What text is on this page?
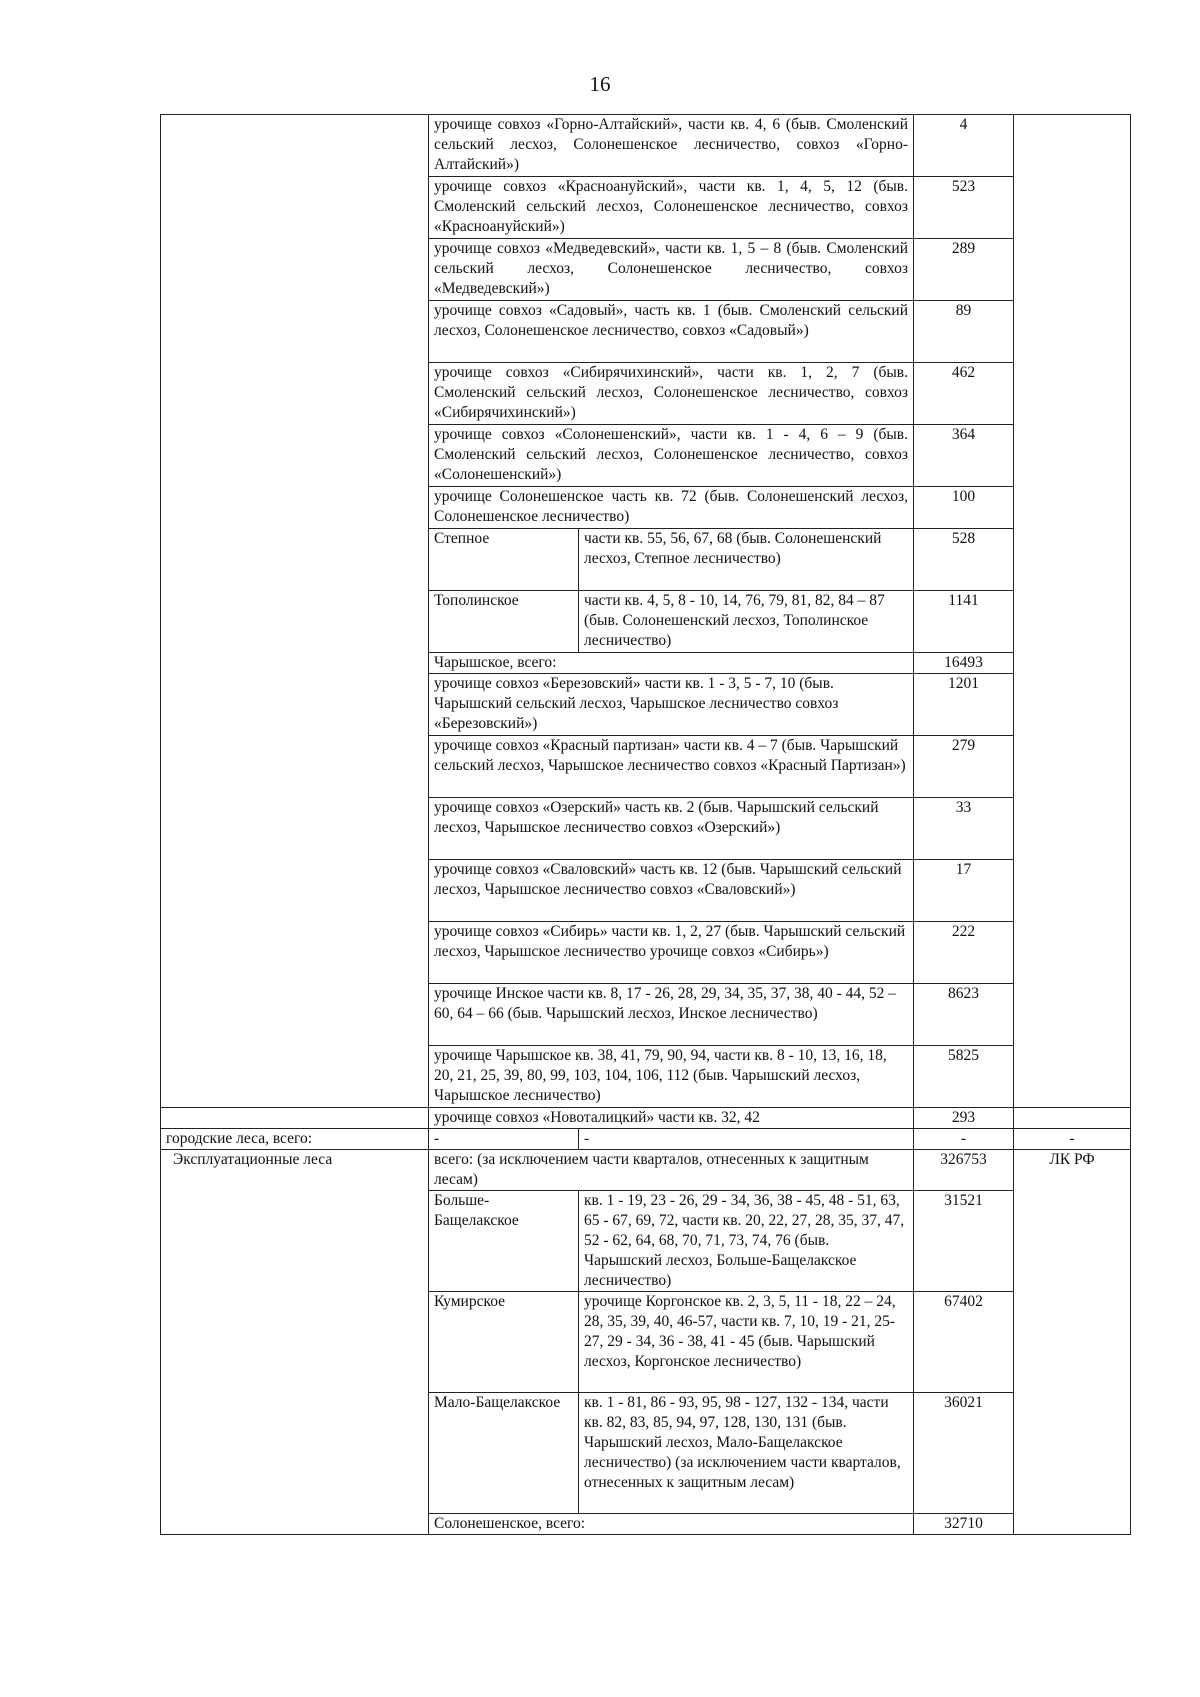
16
	урочище совхоз «Горно-Алтайский», части кв. 4, 6 (быв. Смоленский сельский лесхоз, Солонешенское лесничество, совхоз «Горно-Алтайский»)		4	
	урочище совхоз «Красноануйский», части кв. 1, 4, 5, 12 (быв. Смоленский сельский лесхоз, Солонешенское лесничество, совхоз «Красноануйский»)		523	
	урочище совхоз «Медведевский», части кв. 1, 5 – 8 (быв. Смоленский сельский лесхоз, Солонешенское лесничество, совхоз «Медведевский»)		289	
	урочище совхоз «Садовый», часть кв. 1 (быв. Смоленский сельский лесхоз, Солонешенское лесничество, совхоз «Садовый»)		89	
	урочище совхоз «Сибирячихинский», части кв. 1, 2, 7 (быв. Смоленский сельский лесхоз, Солонешенское лесничество, совхоз «Сибирячихинский»)		462	
	урочище совхоз «Солонешенский», части кв. 1 - 4, 6 – 9 (быв. Смоленский сельский лесхоз, Солонешенское лесничество, совхоз «Солонешенский»)		364	
	урочище Солонешенское часть кв. 72 (быв. Солонешенский лесхоз, Солонешенское лесничество)		100	
	Степное	части кв. 55, 56, 67, 68 (быв. Солонешенский лесхоз, Степное лесничество)	528	
	Тополинское	части кв. 4, 5, 8 - 10, 14, 76, 79, 81, 82, 84 – 87 (быв. Солонешенский лесхоз, Тополинское лесничество)	1141	
	Чарышское, всего:		16493	
	урочище совхоз «Березовский» части кв. 1 - 3, 5 - 7, 10 (быв. Чарышский сельский лесхоз, Чарышское лесничество совхоз «Березовский»)		1201	
	урочище совхоз «Красный партизан» части кв. 4 – 7 (быв. Чарышский сельский лесхоз, Чарышское лесничество совхоз «Красный Партизан»)		279	
	урочище совхоз «Озерский» часть кв. 2 (быв. Чарышский сельский лесхоз, Чарышское лесничество совхоз «Озерский»)		33	
	урочище совхоз «Сваловский» часть кв. 12 (быв. Чарышский сельский лесхоз, Чарышское лесничество совхоз «Сваловский»)		17	
	урочище совхоз «Сибирь» части кв. 1, 2, 27 (быв. Чарышский сельский лесхоз, Чарышское лесничество урочище совхоз «Сибирь»)		222	
	урочище Инское части кв. 8, 17 - 26, 28, 29, 34, 35, 37, 38, 40 - 44, 52 – 60, 64 – 66 (быв. Чарышский лесхоз, Инское лесничество)		8623	
	урочище Чарышское кв. 38, 41, 79, 90, 94, части кв. 8 - 10, 13, 16, 18, 20, 21, 25, 39, 80, 99, 103, 104, 106, 112 (быв. Чарышский лесхоз, Чарышское лесничество)		5825	
	урочище совхоз «Новоталицкий» части кв. 32, 42		293	
городские леса, всего:	-	-	-	-
Эксплуатационные леса	всего: (за исключением части кварталов, отнесенных к защитным лесам)		326753	ЛК РФ
	Больше-Бащелакское	кв. 1 - 19, 23 - 26, 29 - 34, 36, 38 - 45, 48 - 51, 63, 65 - 67, 69, 72, части кв. 20, 22, 27, 28, 35, 37, 47, 52 - 62, 64, 68, 70, 71, 73, 74, 76 (быв. Чарышский лесхоз, Больше-Бащелакское лесничество)	31521	
	Кумирское	урочище Коргонское кв. 2, 3, 5, 11 - 18, 22 – 24, 28, 35, 39, 40, 46-57, части кв. 7, 10, 19 - 21, 25-27, 29 - 34, 36 - 38, 41 - 45 (быв. Чарышский лесхоз, Коргонское лесничество)	67402	
	Мало-Бащелакское	кв. 1 - 81, 86 - 93, 95, 98 - 127, 132 - 134, части кв. 82, 83, 85, 94, 97, 128, 130, 131 (быв. Чарышский лесхоз, Мало-Бащелакское лесничество) (за исключением части кварталов, отнесенных к защитным лесам)	36021	
	Солонешенское, всего:		32710	
